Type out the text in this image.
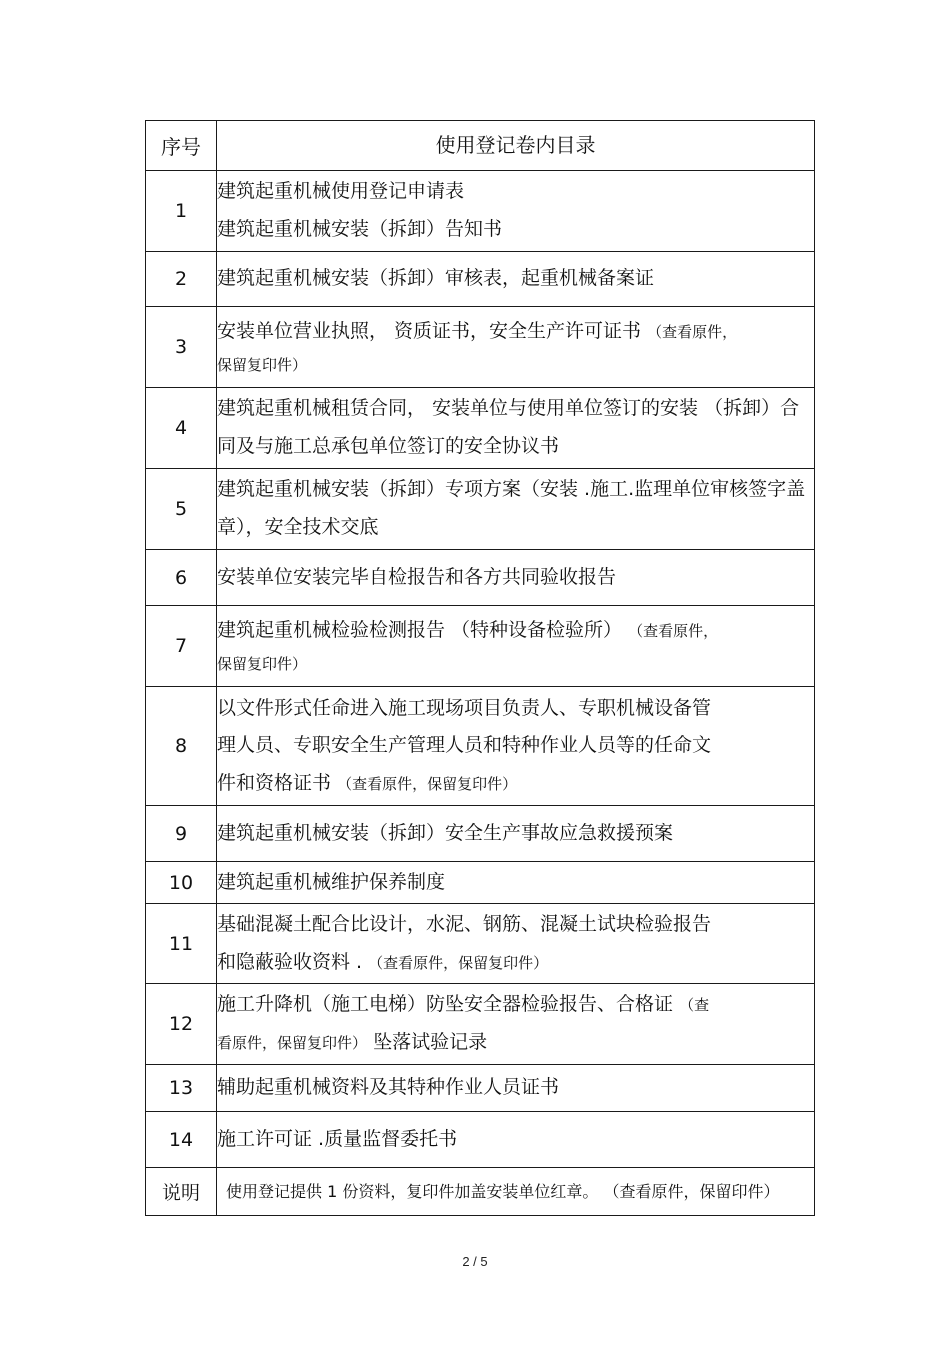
序号	使用登记卷内目录
1	建筑起重机械使用登记申请表
建筑起重机械安装（拆卸）告知书

2	建筑起重机械安装（拆卸）审核表，起重机械备案证
3	安装单位营业执照， 资质证书，安全生产许可证书 （查看原件，
保留复印件）

4	建筑起重机械租赁合同， 安装单位与使用单位签订的安装 （拆卸）合同及与施工总承包单位签订的安全协议书
5	建筑起重机械安装（拆卸）专项方案（安装 .施工.监理单位审核签字盖章），安全技术交底
6	安装单位安装完毕自检报告和各方共同验收报告
7	建筑起重机械检验检测报告 （特种设备检验所） （查看原件，
保留复印件）

8	以文件形式任命进入施工现场项目负责人、专职机械设备管
理人员、专职安全生产管理人员和特种作业人员等的任命文
件和资格证书 （查看原件，保留复印件）
9	建筑起重机械安装（拆卸）安全生产事故应急救援预案
10	建筑起重机械维护保养制度
11	基础混凝土配合比设计，水泥、钢筋、混凝土试块检验报告
和隐蔽验收资料 . （查看原件，保留复印件）
12	施工升降机（施工电梯）防坠安全器检验报告、合格证 （查
看原件，保留复印件） 坠落试验记录

13	辅助起重机械资料及其特种作业人员证书
14	施工许可证 .质量监督委托书
说明	使用登记提供 1 份资料，复印件加盖安装单位红章。 （查看原件，保留印件）
2 / 5
